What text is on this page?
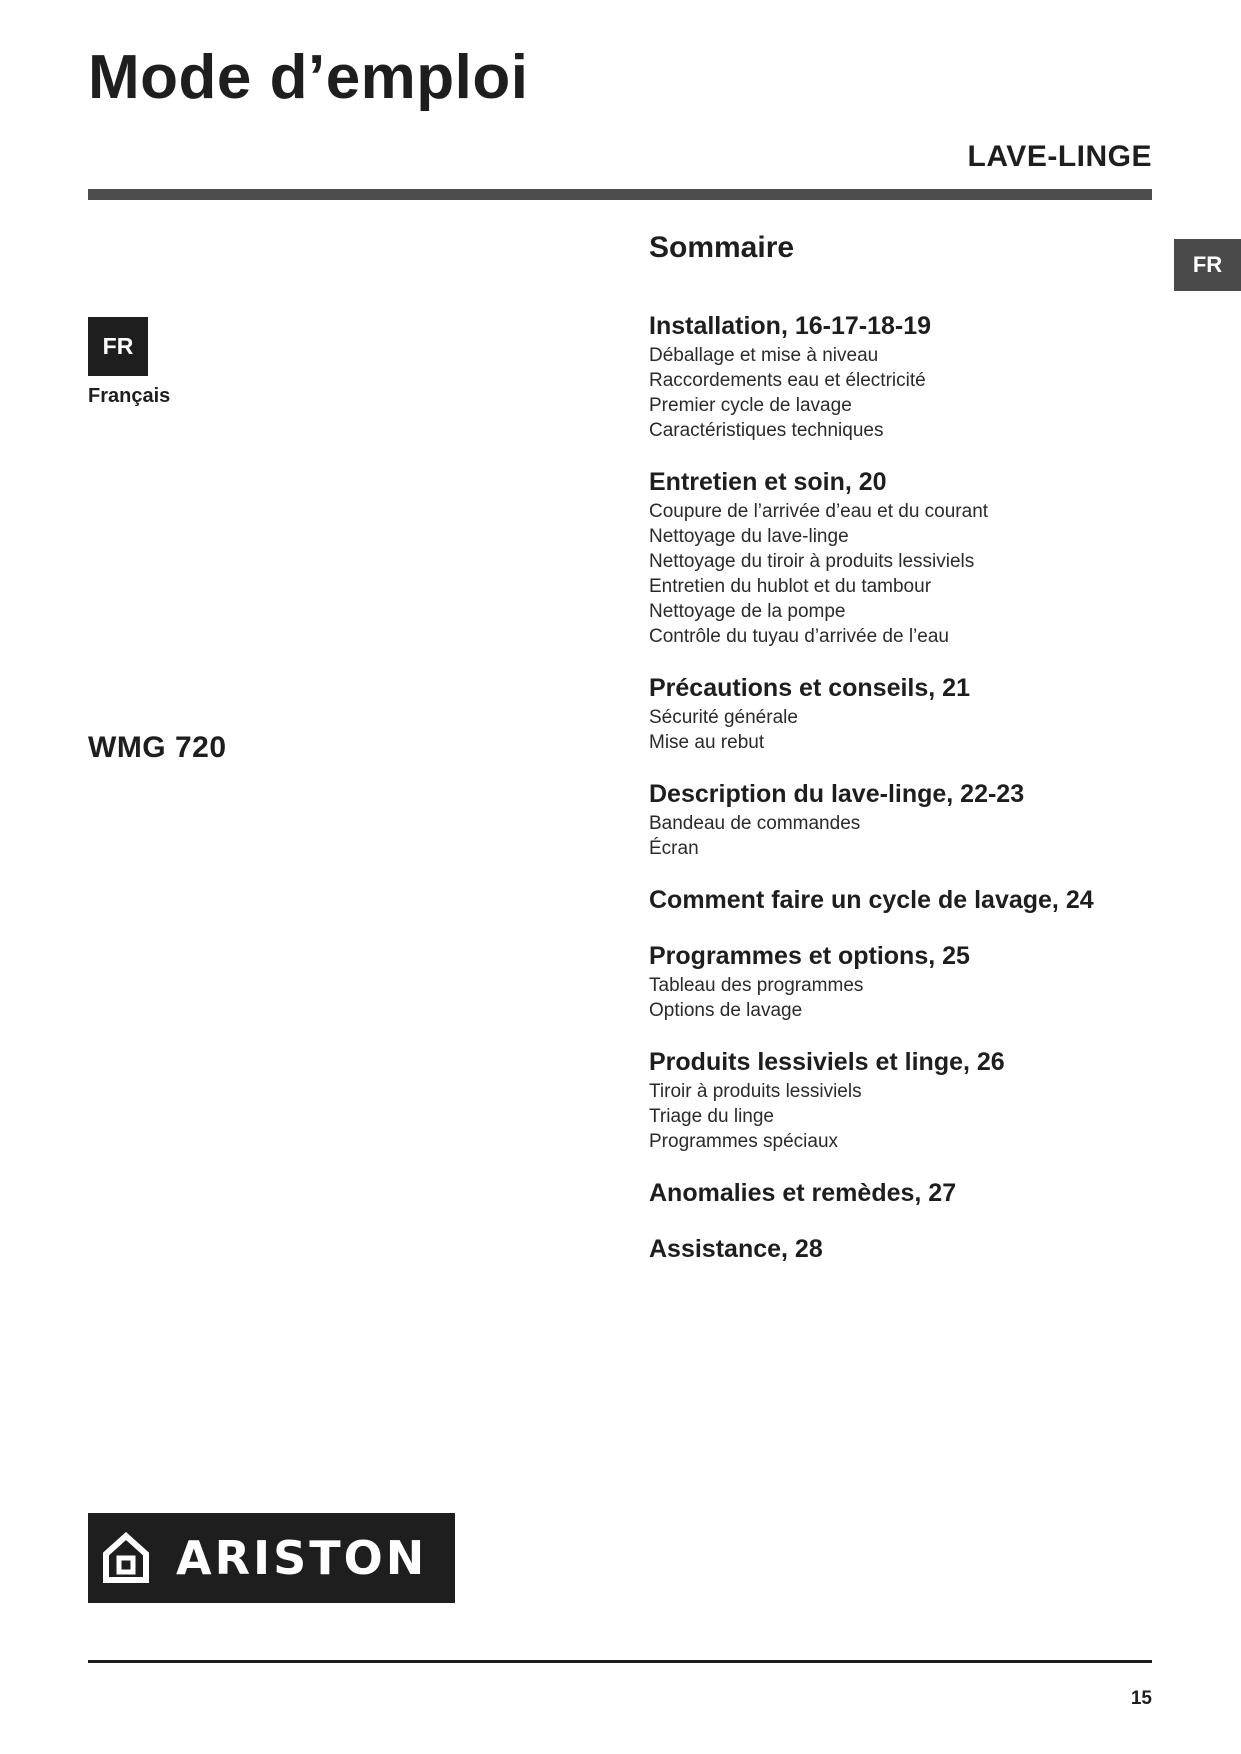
Mode d’emploi
LAVE-LINGE
FR
FR
Français
WMG 720
Sommaire
Installation, 16-17-18-19
Déballage et mise à niveau
Raccordements eau et électricité
Premier cycle de lavage
Caractéristiques techniques
Entretien et soin, 20
Coupure de l’arrivée d’eau et du courant
Nettoyage du lave-linge
Nettoyage du tiroir à produits lessiviels
Entretien du hublot et du tambour
Nettoyage de la pompe
Contrôle du tuyau d’arrivée de l’eau
Précautions et conseils, 21
Sécurité générale
Mise au rebut
Description du lave-linge, 22-23
Bandeau de commandes
Écran
Comment faire un cycle de lavage, 24
Programmes et options, 25
Tableau des programmes
Options de lavage
Produits lessiviels et linge, 26
Tiroir à produits lessiviels
Triage du linge
Programmes spéciaux
Anomalies et remèdes, 27
Assistance, 28
ARISTON
15
